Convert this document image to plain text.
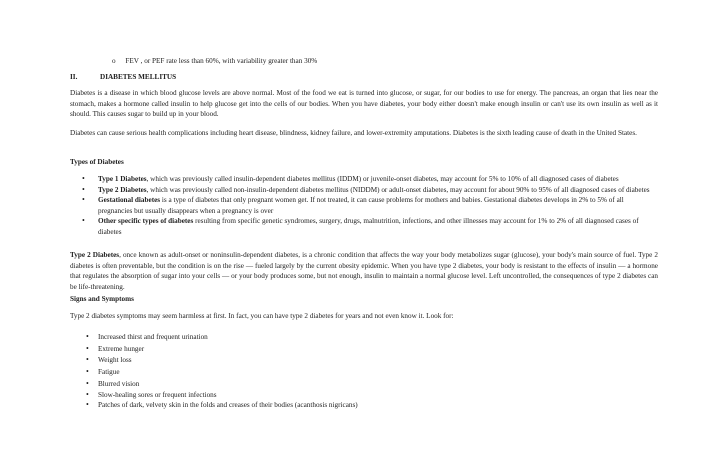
o FEV , or PEF rate less than 60%, with variability greater than 30%
II.	DIABETES MELLITUS

Diabetes is a disease in which blood glucose levels are above normal. Most of the food we eat is turned into glucose, or sugar, for our bodies to use for energy. The pancreas, an organ that lies near the stomach, makes a hormone called insulin to help glucose get into the cells of our bodies. When you have diabetes, your body either doesn't make enough insulin or can't use its own insulin as well as it should. This causes sugar to build up in your blood.

Diabetes can cause serious health complications including heart disease, blindness, kidney failure, and lower-extremity amputations. Diabetes is the sixth leading cause of death in the United States.

Types of Diabetes
• Type 1 Diabetes, which was previously called insulin-dependent diabetes mellitus (IDDM) or juvenile-onset diabetes, may account for 5% to 10% of all diagnosed cases of diabetes
• Type 2 Diabetes, which was previously called non-insulin-dependent diabetes mellitus (NIDDM) or adult-onset diabetes, may account for about 90% to 95% of all diagnosed cases of diabetes
• Gestational diabetes is a type of diabetes that only pregnant women get. If not treated, it can cause problems for mothers and babies. Gestational diabetes develops in 2% to 5% of all pregnancies but usually disappears when a pregnancy is over
• Other specific types of diabetes resulting from specific genetic syndromes, surgery, drugs, malnutrition, infections, and other illnesses may account for 1% to 2% of all diagnosed cases of diabetes

Type 2 Diabetes, once known as adult-onset or noninsulin-dependent diabetes, is a chronic condition that affects the way your body metabolizes sugar (glucose), your body's main source of fuel. Type 2 diabetes is often preventable, but the condition is on the rise — fueled largely by the current obesity epidemic. When you have type 2 diabetes, your body is resistant to the effects of insulin — a hormone that regulates the absorption of sugar into your cells — or your body produces some, but not enough, insulin to maintain a normal glucose level. Left uncontrolled, the consequences of type 2 diabetes can be life-threatening.

Signs and Symptoms
Type 2 diabetes symptoms may seem harmless at first. In fact, you can have type 2 diabetes for years and not even know it. Look for:
• Increased thirst and frequent urination
• Extreme hunger
• Weight loss
• Fatigue
• Blurred vision
• Slow-healing sores or frequent infections
• Patches of dark, velvety skin in the folds and creases of their bodies (acanthosis nigricans)
